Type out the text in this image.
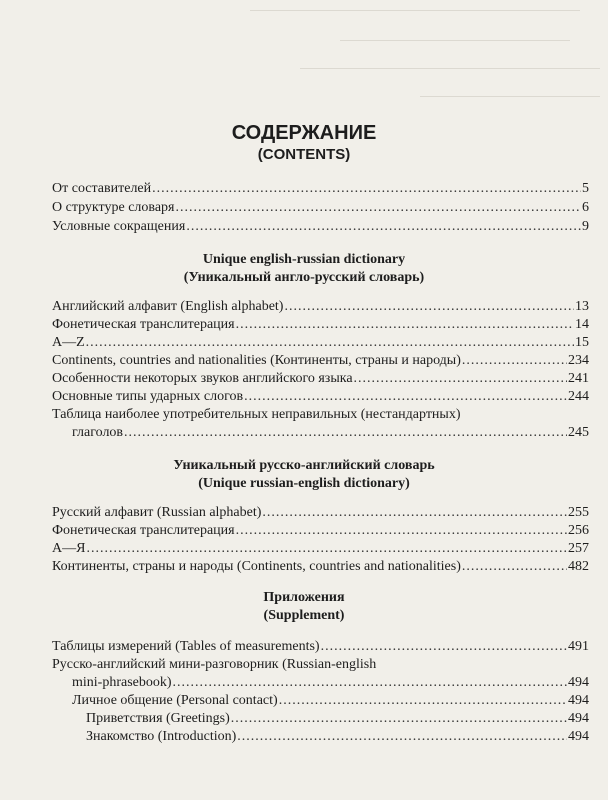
СОДЕРЖАНИЕ
(CONTENTS)
От составителей .....	5
О структуре словаря .....	6
Условные сокращения .....	9
Unique english-russian dictionary
(Уникальный англо-русский словарь)
Английский алфавит (English alphabet) .....	13
Фонетическая транслитерация .....	14
A—Z .....	15
Continents, countries and nationalities (Континенты, страны и народы) .....	234
Особенности некоторых звуков английского языка .....	241
Основные типы ударных слогов .....	244
Таблица наиболее употребительных неправильных (нестандартных)
глаголов .....	245
Уникальный русско-английский словарь
(Unique russian-english dictionary)
Русский алфавит (Russian alphabet) .....	255
Фонетическая транслитерация .....	256
А—Я .....	257
Континенты, страны и народы (Continents, countries and nationalities) .....	482
Приложения
(Supplement)
Таблицы измерений (Tables of measurements) .....	491
Русско-английский мини-разговорник (Russian-english
mini-phrasebook) .....	494
Личное общение (Personal contact) .....	494
Приветствия (Greetings) .....	494
Знакомство (Introduction) .....	494
